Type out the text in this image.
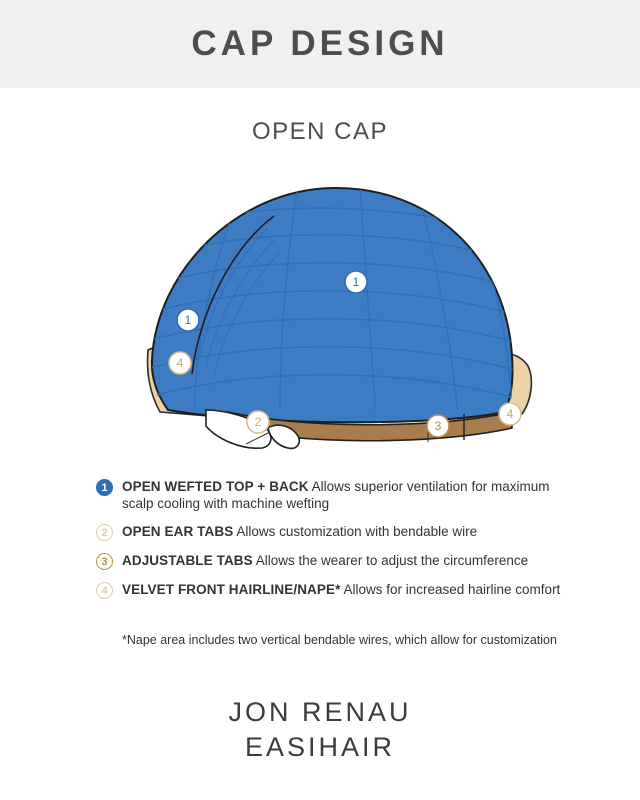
CAP DESIGN
OPEN CAP
1
1
2	3
4
4
1	OPEN WEFTED TOP + BACK Allows superior ventilation for maximum scalp cooling with machine wefting
2	OPEN EAR TABS Allows customization with bendable wire
3	ADJUSTABLE TABS Allows the wearer to adjust the circumference
4	VELVET FRONT HAIRLINE/NAPE* Allows for increased hairline comfort
*Nape area includes two vertical bendable wires, which allow for customization
JON RENAU
EASIHAIR
